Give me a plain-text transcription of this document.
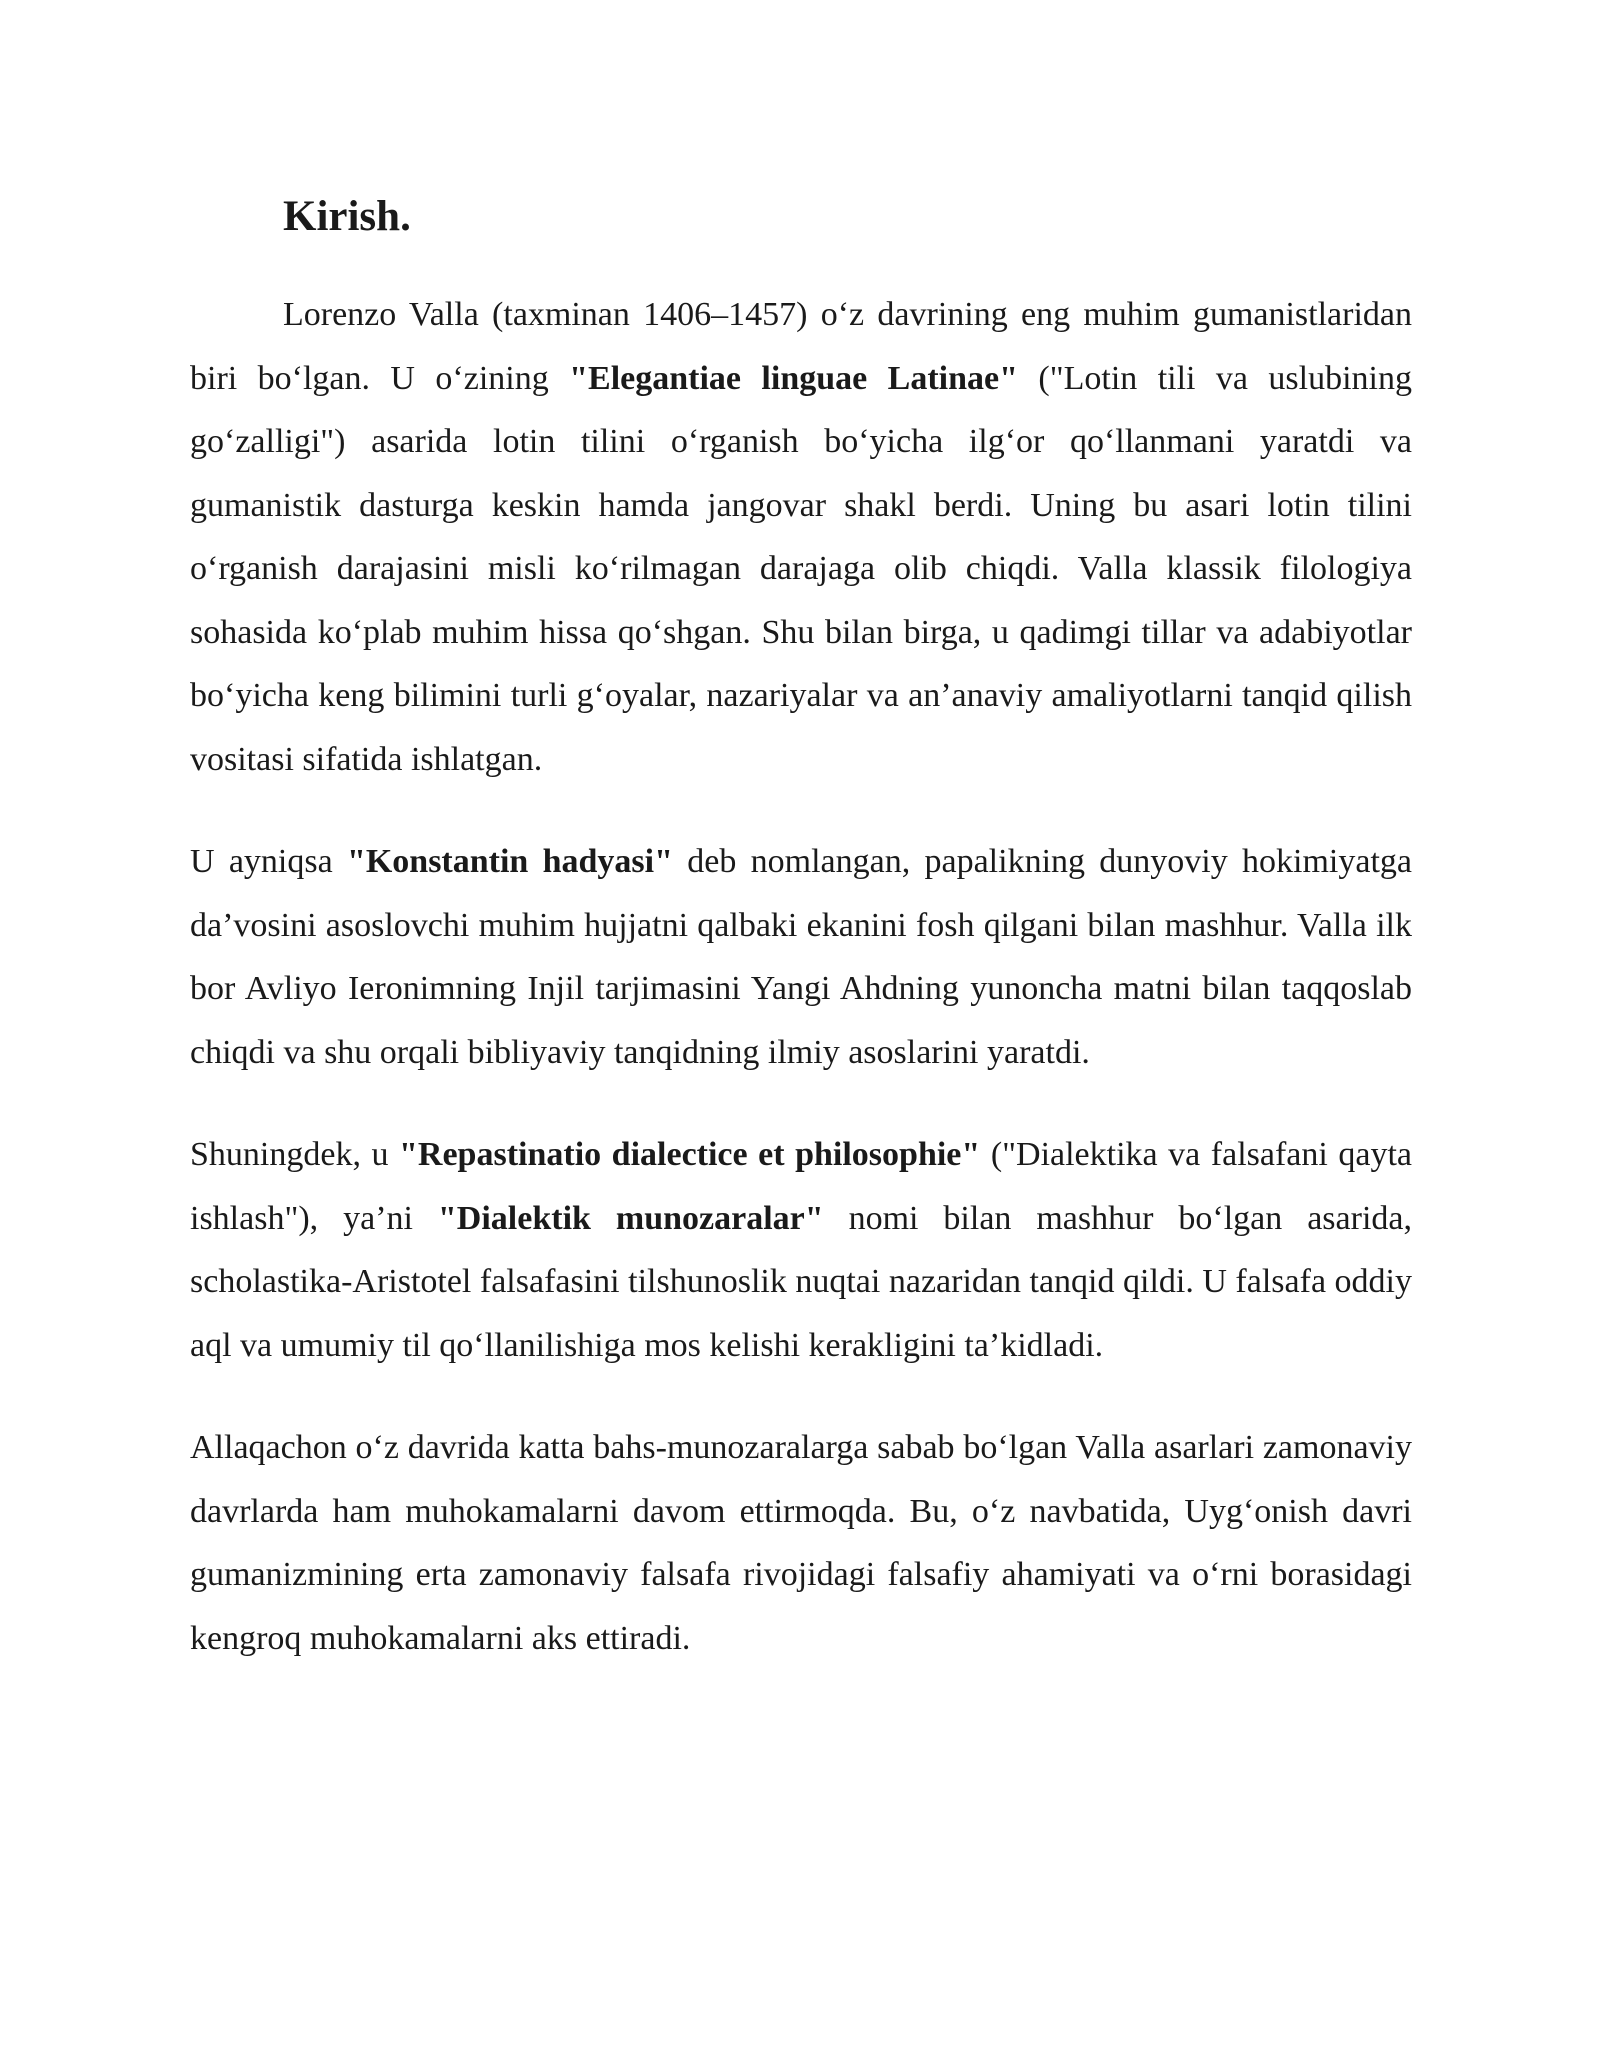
Kirish.

Lorenzo Valla (taxminan 1406–1457) o‘z davrining eng muhim gumanistlaridan biri bo‘lgan. U o‘zining "Elegantiae linguae Latinae" ("Lotin tili va uslubining go‘zalligi") asarida lotin tilini o‘rganish bo‘yicha ilg‘or qo‘llanmani yaratdi va gumanistik dasturga keskin hamda jangovar shakl berdi. Uning bu asari lotin tilini o‘rganish darajasini misli ko‘rilmagan darajaga olib chiqdi. Valla klassik filologiya sohasida ko‘plab muhim hissa qo‘shgan. Shu bilan birga, u qadimgi tillar va adabiyotlar bo‘yicha keng bilimini turli g‘oyalar, nazariyalar va an’anaviy amaliyotlarni tanqid qilish vositasi sifatida ishlatgan.

U ayniqsa "Konstantin hadyasi" deb nomlangan, papalikning dunyoviy hokimiyatga da’vosini asoslovchi muhim hujjatni qalbaki ekanini fosh qilgani bilan mashhur. Valla ilk bor Avliyo Ieronimning Injil tarjimasini Yangi Ahdning yunoncha matni bilan taqqoslab chiqdi va shu orqali bibliyaviy tanqidning ilmiy asoslarini yaratdi.

Shuningdek, u "Repastinatio dialectice et philosophie" ("Dialektika va falsafani qayta ishlash"), ya’ni "Dialektik munozaralar" nomi bilan mashhur bo‘lgan asarida, scholastika-Aristotel falsafasini tilshunoslik nuqtai nazaridan tanqid qildi. U falsafa oddiy aql va umumiy til qo‘llanilishiga mos kelishi kerakligini ta’kidladi.

Allaqachon o‘z davrida katta bahs-munozaralarga sabab bo‘lgan Valla asarlari zamonaviy davrlarda ham muhokamalarni davom ettirmoqda. Bu, o‘z navbatida, Uyg‘onish davri gumanizmining erta zamonaviy falsafa rivojidagi falsafiy ahamiyati va o‘rni borasidagi kengroq muhokamalarni aks ettiradi.
